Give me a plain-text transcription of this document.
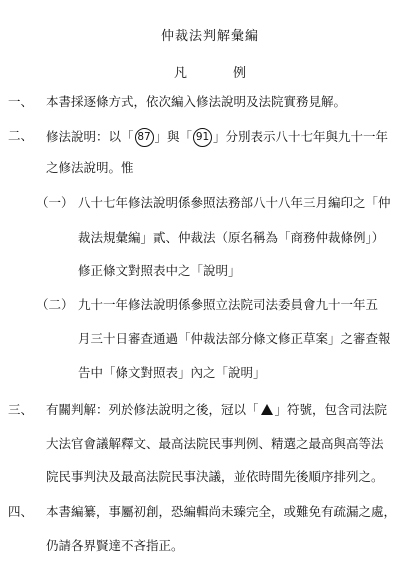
仲裁法判解彙編
凡	例
一、 本書採逐條方式，依次編入修法說明及法院實務見解。
二、 修法說明：以「 87 」與「 91 」分別表示八十七年與九十一年
之修法說明。惟
（一） 八十七年修法說明係參照法務部八十八年三月編印之「仲
裁法規彙編」貳、仲裁法（原名稱為「商務仲裁條例」）
修正條文對照表中之「說明」
（二） 九十一年修法說明係參照立法院司法委員會九十一年五
月三十日審查通過「仲裁法部分條文修正草案」之審查報
告中「條文對照表」內之「說明」
三、 有關判解：列於修法說明之後，冠以「 」符號，包含司法院
大法官會議解釋文、最高法院民事判例、精選之最高與高等法
院民事判決及最高法院民事決議，並依時間先後順序排列之。
四、 本書編纂，事屬初創，恐編輯尚未臻完全，或難免有疏漏之處，
仍請各界賢達不吝指正。
